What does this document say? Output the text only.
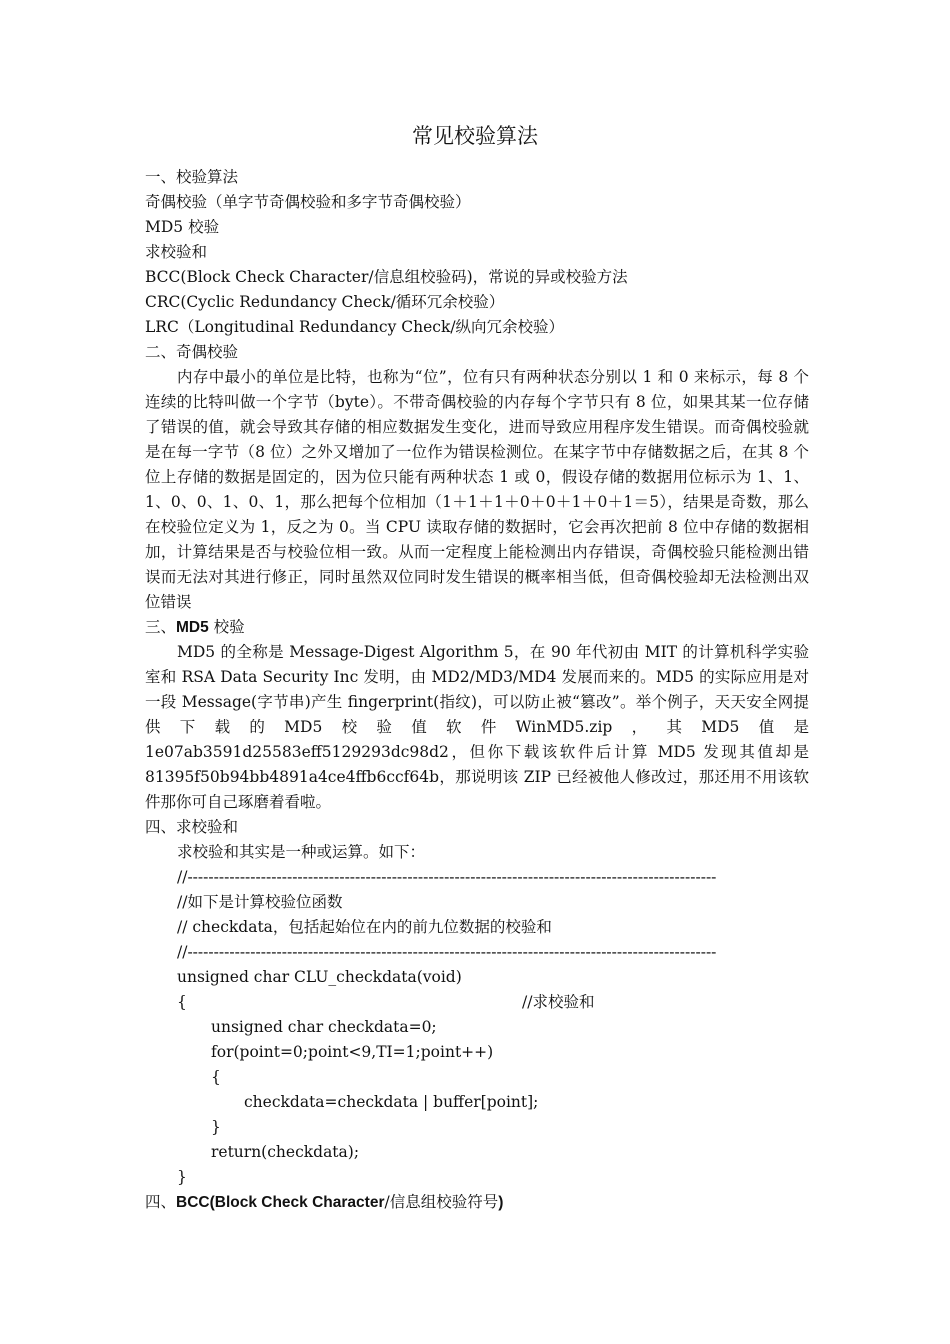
常见校验算法
一、校验算法
奇偶校验（单字节奇偶校验和多字节奇偶校验）
MD5 校验
求校验和
BCC(Block Check Character/信息组校验码)，常说的异或校验方法
CRC(Cyclic Redundancy Check/循环冗余校验）
LRC（Longitudinal Redundancy Check/纵向冗余校验）
二、奇偶校验

内存中最小的单位是比特，也称为“位”，位有只有两种状态分别以 1 和 0 来标示，每 8 个连续的比特叫做一个字节（byte）。不带奇偶校验的内存每个字节只有 8 位，如果其某一位存储了错误的值，就会导致其存储的相应数据发生变化，进而导致应用程序发生错误。而奇偶校验就是在每一字节（8 位）之外又增加了一位作为错误检测位。在某字节中存储数据之后，在其 8 个位上存储的数据是固定的，因为位只能有两种状态 1 或 0，假设存储的数据用位标示为 1、1、 1、0、0、1、0、1，那么把每个位相加（1＋1＋1＋0＋0＋1＋0＋1＝5），结果是奇数，那么在校验位定义为 1，反之为 0。当 CPU 读取存储的数据时，它会再次把前 8 位中存储的数据相加，计算结果是否与校验位相一致。从而一定程度上能检测出内存错误，奇偶校验只能检测出错误而无法对其进行修正，同时虽然双位同时发生错误的概率相当低，但奇偶校验却无法检测出双位错误

三、MD5 校验

MD5 的全称是 Message-Digest Algorithm 5，在 90 年代初由 MIT 的计算机科学实验室和 RSA Data Security Inc 发明，由 MD2/MD3/MD4 发展而来的。MD5 的实际应用是对一段 Message(字节串)产生 fingerprint(指纹)，可以防止被“篡改”。举个例子，天天安全网提供下载的MD5校验值软件WinMD5.zip，其MD5值是1e07ab3591d25583eff5129293dc98d2，但你下载该软件后计算 MD5 发现其值却是 81395f50b94bb4891a4ce4ffb6ccf64b，那说明该 ZIP 已经被他人修改过，那还用不用该软件那你可自己琢磨着看啦。

四、求校验和
求校验和其实是一种或运算。如下：
//-----------------------------------------------------------------------------------------------------
//如下是计算校验位函数
// checkdata，包括起始位在内的前九位数据的校验和
//-----------------------------------------------------------------------------------------------------
unsigned char CLU_checkdata(void)
{	//求校验和
unsigned char checkdata=0;
for(point=0;point<9,TI=1;point++)
{
checkdata=checkdata | buffer[point];
}
return(checkdata);
}
四、BCC(Block Check Character/信息组校验符号)
